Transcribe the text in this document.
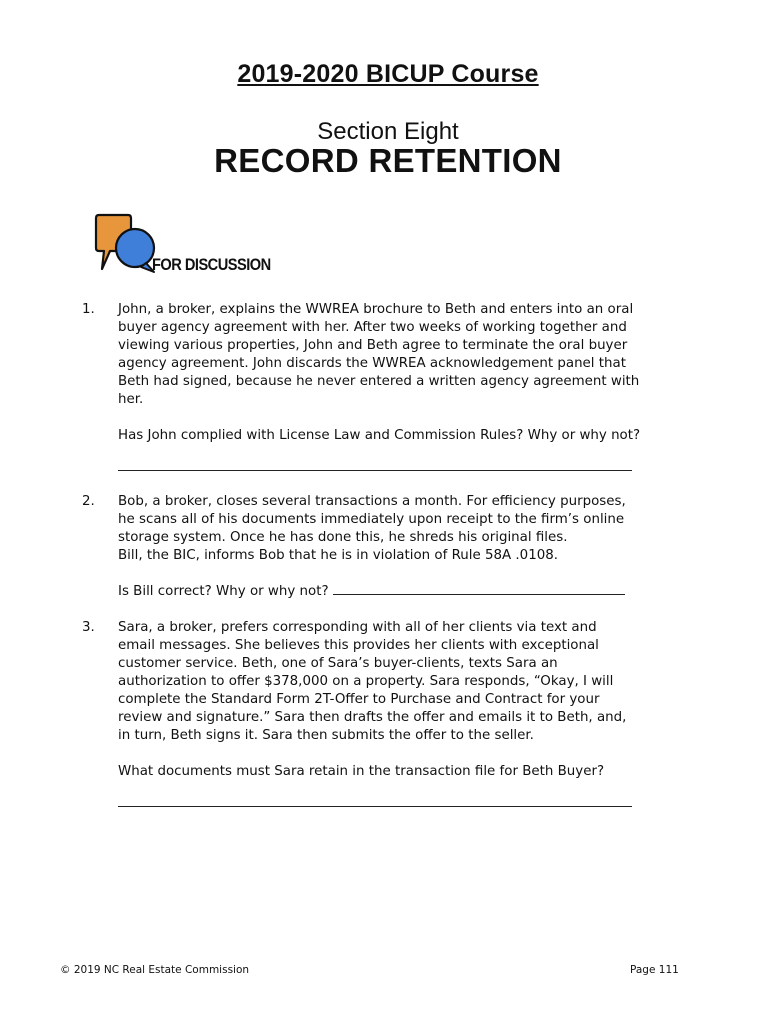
2019-2020 BICUP Course
Section Eight
RECORD RETENTION
FOR DISCUSSION
1. John, a broker, explains the WWREA brochure to Beth and enters into an oral
buyer agency agreement with her. After two weeks of working together and
viewing various properties, John and Beth agree to terminate the oral buyer
agency agreement. John discards the WWREA acknowledgement panel that
Beth had signed, because he never entered a written agency agreement with
her.
Has John complied with License Law and Commission Rules? Why or why not?
2. Bob, a broker, closes several transactions a month. For efficiency purposes,
he scans all of his documents immediately upon receipt to the firm’s online
storage system. Once he has done this, he shreds his original files.
Bill, the BIC, informs Bob that he is in violation of Rule 58A .0108.
Is Bill correct? Why or why not?
3. Sara, a broker, prefers corresponding with all of her clients via text and
email messages. She believes this provides her clients with exceptional
customer service. Beth, one of Sara’s buyer-clients, texts Sara an
authorization to offer $378,000 on a property. Sara responds, “Okay, I will
complete the Standard Form 2T-Offer to Purchase and Contract for your
review and signature.” Sara then drafts the offer and emails it to Beth, and,
in turn, Beth signs it. Sara then submits the offer to the seller.
What documents must Sara retain in the transaction file for Beth Buyer?
© 2019 NC Real Estate Commission	Page 111
